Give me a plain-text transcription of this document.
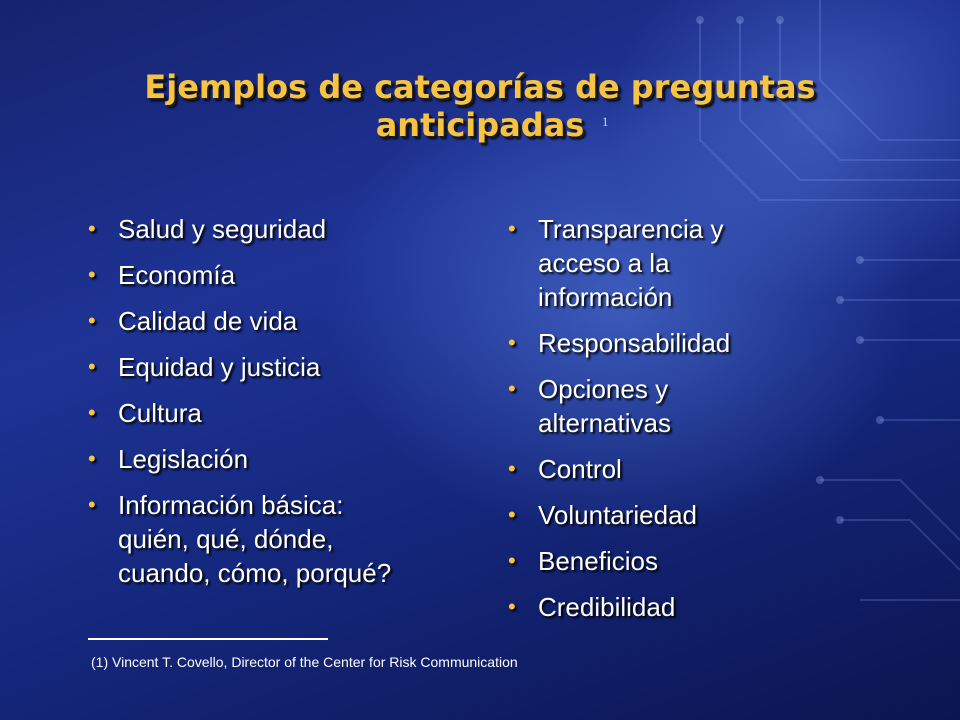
Ejemplos de categorías de preguntas
anticipadas	1
• Salud y seguridad
• Economía
• Calidad de vida
• Equidad y justicia
• Cultura
• Legislación
• Información básica: quién, qué, dónde, cuando, cómo, porqué?
• Transparencia y acceso a la información
• Responsabilidad
• Opciones y alternativas
• Control
• Voluntariedad
• Beneficios
• Credibilidad
(1) Vincent T. Covello, Director of the Center for Risk Communication
